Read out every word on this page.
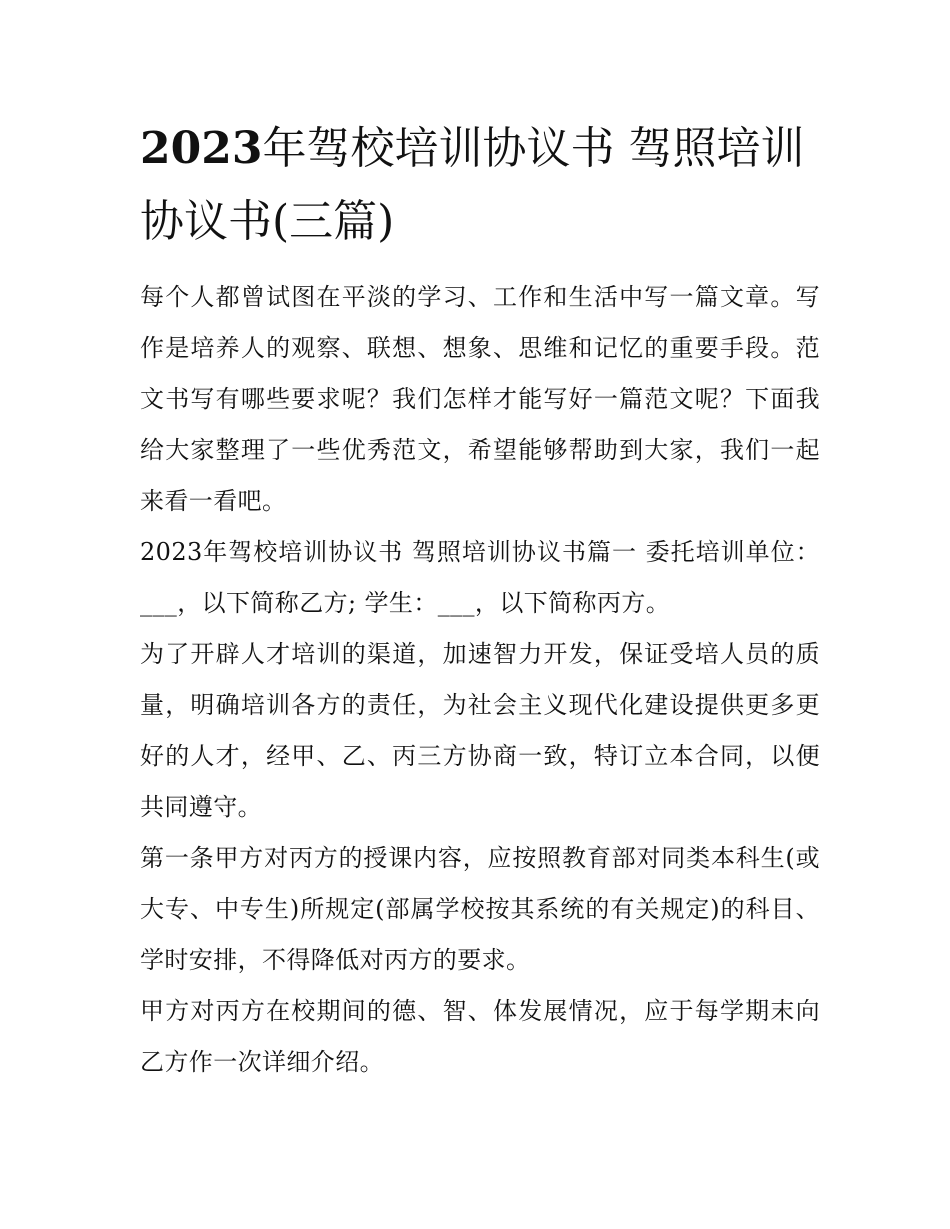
2023年驾校培训协议书 驾照培训协议书(三篇)

每个人都曾试图在平淡的学习、工作和生活中写一篇文章。写作是培养人的观察、联想、想象、思维和记忆的重要手段。范文书写有哪些要求呢？我们怎样才能写好一篇范文呢？下面我给大家整理了一些优秀范文，希望能够帮助到大家，我们一起来看一看吧。

2023年驾校培训协议书 驾照培训协议书篇一 委托培训单位：___，以下简称乙方; 学生：___，以下简称丙方。

为了开辟人才培训的渠道，加速智力开发，保证受培人员的质量，明确培训各方的责任，为社会主义现代化建设提供更多更好的人才，经甲、乙、丙三方协商一致，特订立本合同，以便共同遵守。

第一条甲方对丙方的授课内容，应按照教育部对同类本科生(或大专、中专生)所规定(部属学校按其系统的有关规定)的科目、学时安排，不得降低对丙方的要求。

甲方对丙方在校期间的德、智、体发展情况，应于每学期末向乙方作一次详细介绍。
